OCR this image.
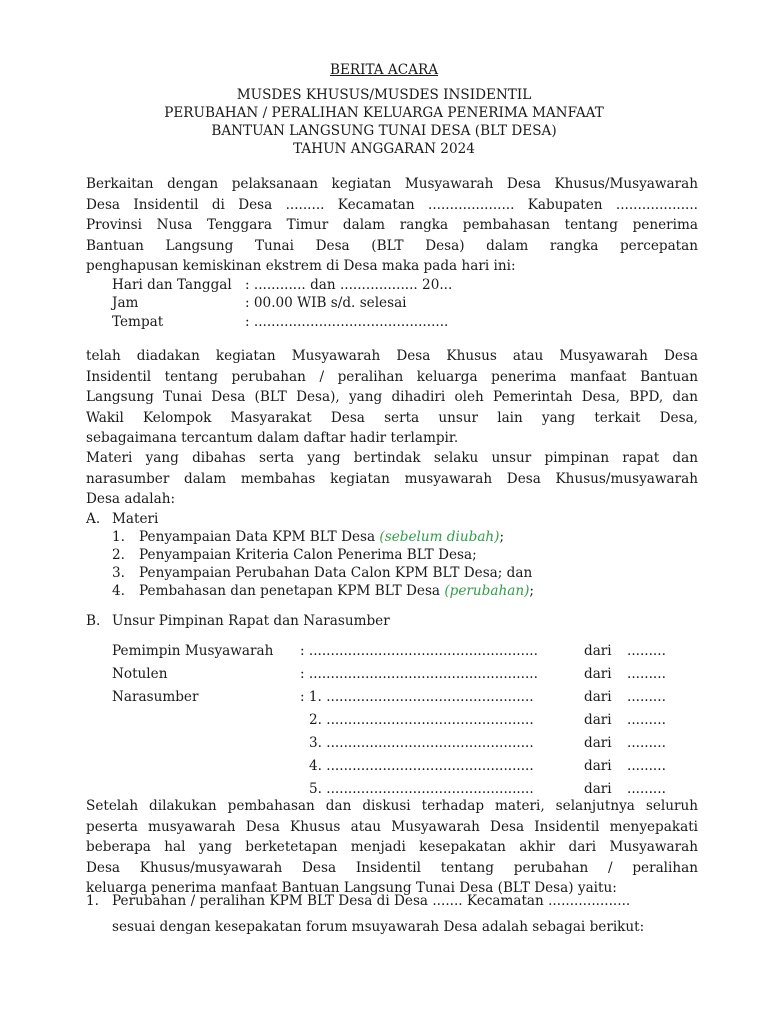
BERITA ACARA
MUSDES KHUSUS/MUSDES INSIDENTIL
PERUBAHAN / PERALIHAN KELUARGA PENERIMA MANFAAT
BANTUAN LANGSUNG TUNAI DESA (BLT DESA)
TAHUN ANGGARAN 2024
Berkaitan dengan pelaksanaan kegiatan Musyawarah Desa Khusus/Musyawarah
Desa Insidentil di Desa ......... Kecamatan .................... Kabupaten ...................
Provinsi Nusa Tenggara Timur dalam rangka pembahasan tentang penerima
Bantuan Langsung Tunai Desa (BLT Desa) dalam rangka percepatan
penghapusan kemiskinan ekstrem di Desa maka pada hari ini:
Hari dan Tanggal : ............ dan .................. 20...
Jam	: 00.00 WIB s/d. selesai
Tempat	: .............................................
telah diadakan kegiatan Musyawarah Desa Khusus atau Musyawarah Desa
Insidentil tentang perubahan / peralihan keluarga penerima manfaat Bantuan
Langsung Tunai Desa (BLT Desa), yang dihadiri oleh Pemerintah Desa, BPD, dan
Wakil Kelompok Masyarakat Desa serta unsur lain yang terkait Desa,
sebagaimana tercantum dalam daftar hadir terlampir.
Materi yang dibahas serta yang bertindak selaku unsur pimpinan rapat dan
narasumber dalam membahas kegiatan musyawarah Desa Khusus/musyawarah
Desa adalah:
A. Materi
1. Penyampaian Data KPM BLT Desa (sebelum diubah);
2. Penyampaian Kriteria Calon Penerima BLT Desa;
3. Penyampaian Perubahan Data Calon KPM BLT Desa; dan
4. Pembahasan dan penetapan KPM BLT Desa (perubahan);
B. Unsur Pimpinan Rapat dan Narasumber
Pemimpin Musyawarah : .....................................................	dari .........
Notulen	: .....................................................	dari .........
Narasumber	: 1. ................................................	dari .........
2. ................................................	dari .........
3. ................................................	dari .........
4. ................................................	dari .........
5. ................................................	dari .........
Setelah dilakukan pembahasan dan diskusi terhadap materi, selanjutnya seluruh
peserta musyawarah Desa Khusus atau Musyawarah Desa Insidentil menyepakati
beberapa hal yang berketetapan menjadi kesepakatan akhir dari Musyawarah
Desa Khusus/musyawarah Desa Insidentil tentang perubahan / peralihan
keluarga penerima manfaat Bantuan Langsung Tunai Desa (BLT Desa) yaitu:
1. Perubahan / peralihan KPM BLT Desa di Desa ....... Kecamatan ...................
sesuai dengan kesepakatan forum msuyawarah Desa adalah sebagai berikut:
